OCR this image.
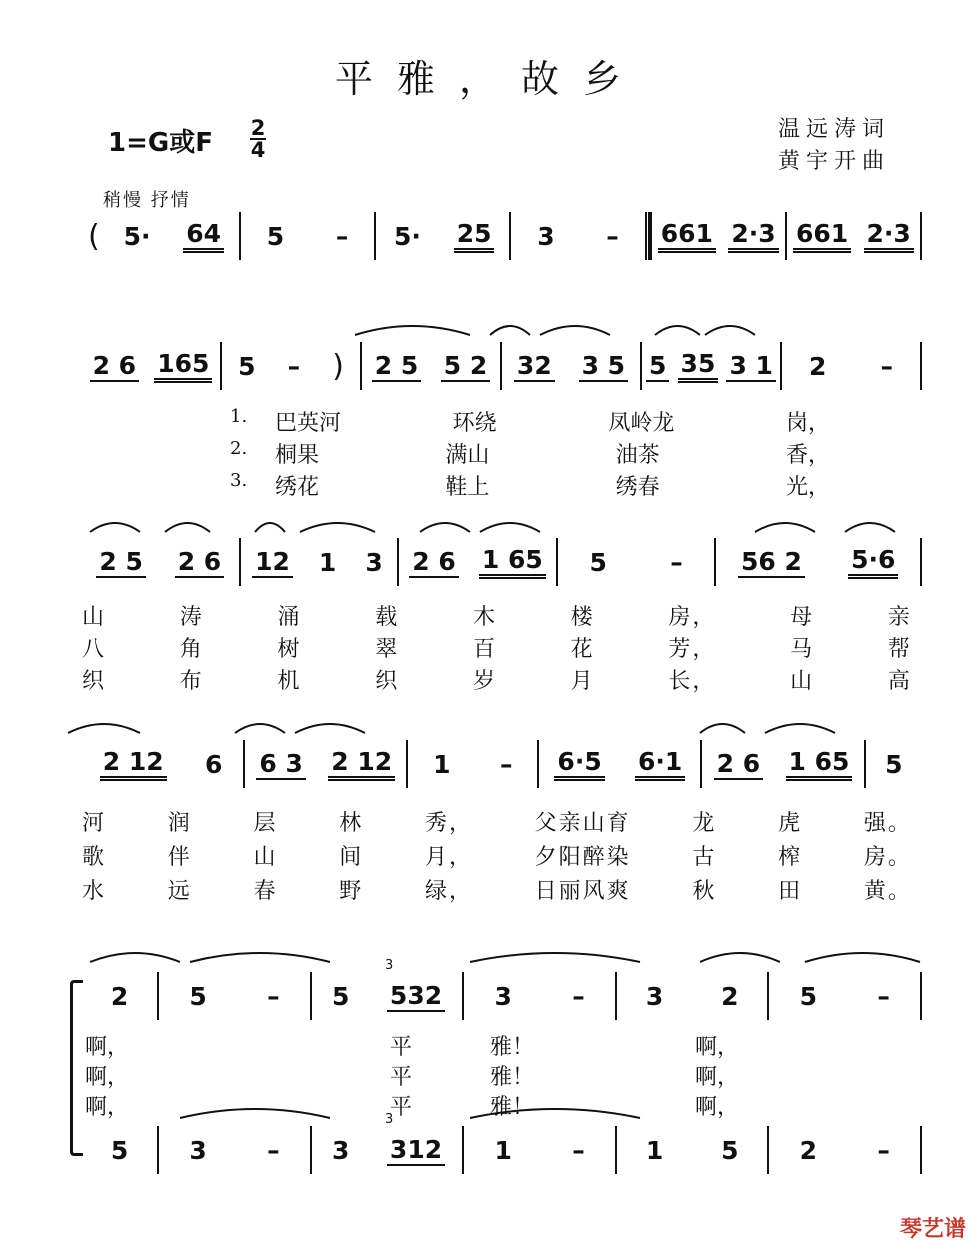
平雅，故乡
温远涛词
黄宇开曲
1=G或F 2
4
稍慢 抒情
( 5· 64 5 – 5· 25 3 – 661 2·3 661 2·3
2 6 165 5 – ) 2 5 5 2 32 3 5 5 35 3 1 2 –
1.	巴英河	环绕	凤岭龙	岗，
2.	桐果	满山	油茶	香，
3.	绣花	鞋上	绣春	光，
2 5 2 6 12 1 3 2 6 1 65 5	– 56 2 5·6
山	涛	涌	载	木	楼	房，	母	亲
八	角	树	翠	百	花	芳，	马	帮
织	布	机	织	岁	月	长，	山	高
2 12 6 6 3 2 12 1 – 6·5 6·1 2 6 1 65 5
河	润	层	林	秀，	父亲山育	龙	虎	强。
歌	伴	山	间	月，	夕阳醉染	古	榨	房。
水	远	春	野	绿，	日丽风爽	秋	田	黄。
3
2 5 – 5 532 3 – 3 2 5 –
啊，	平	雅！	啊，
啊，	平	雅！	啊，
啊，	平	雅！	啊，
3
5 3 – 3 312 1 – 1 5 2 –
琴艺谱
